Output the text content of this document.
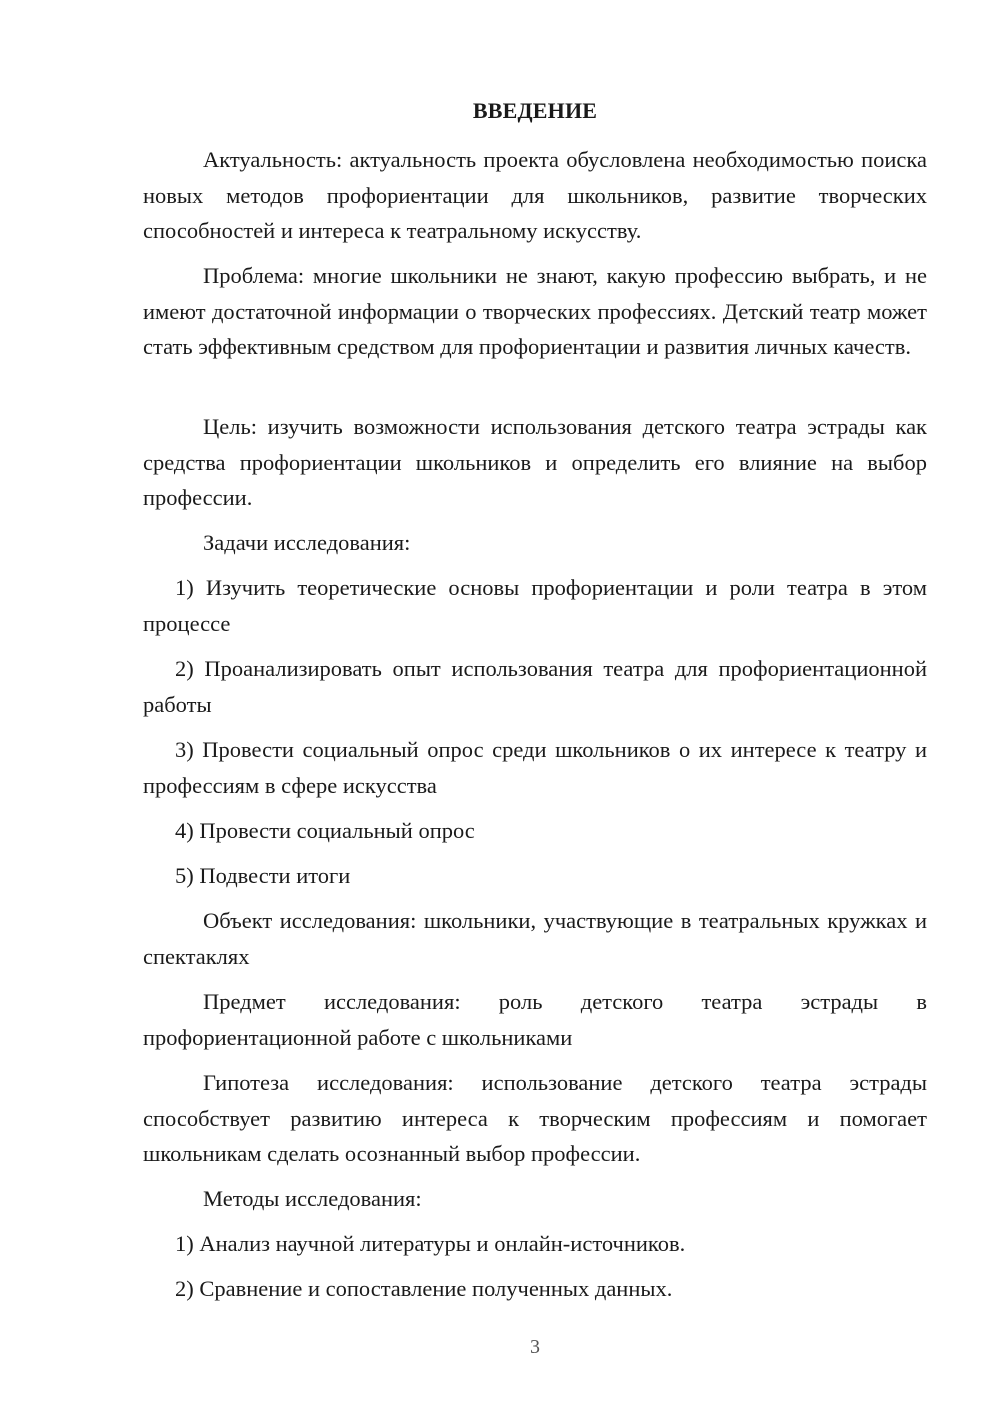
ВВЕДЕНИЕ
Актуальность: актуальность проекта обусловлена необходимостью поиска новых методов профориентации для школьников, развитие творческих способностей и интереса к театральному искусству.
Проблема: многие школьники не знают, какую профессию выбрать, и не имеют достаточной информации о творческих профессиях. Детский театр может стать эффективным средством для профориентации и развития личных качеств.
Цель: изучить возможности использования детского театра эстрады как средства профориентации школьников и определить его влияние на выбор профессии.
Задачи исследования:
1) Изучить теоретические основы профориентации и роли театра в этом процессе
2) Проанализировать опыт использования театра для профориентационной работы
3) Провести социальный опрос среди школьников о их интересе к театру и профессиям в сфере искусства
4) Провести социальный опрос
5) Подвести итоги
Объект исследования: школьники, участвующие в театральных кружках и спектаклях
Предмет исследования: роль детского театра эстрады в профориентационной работе с школьниками
Гипотеза исследования: использование детского театра эстрады способствует развитию интереса к творческим профессиям и помогает школьникам сделать осознанный выбор профессии.
Методы исследования:
1) Анализ научной литературы и онлайн-источников.
2) Сравнение и сопоставление полученных данных.
3
